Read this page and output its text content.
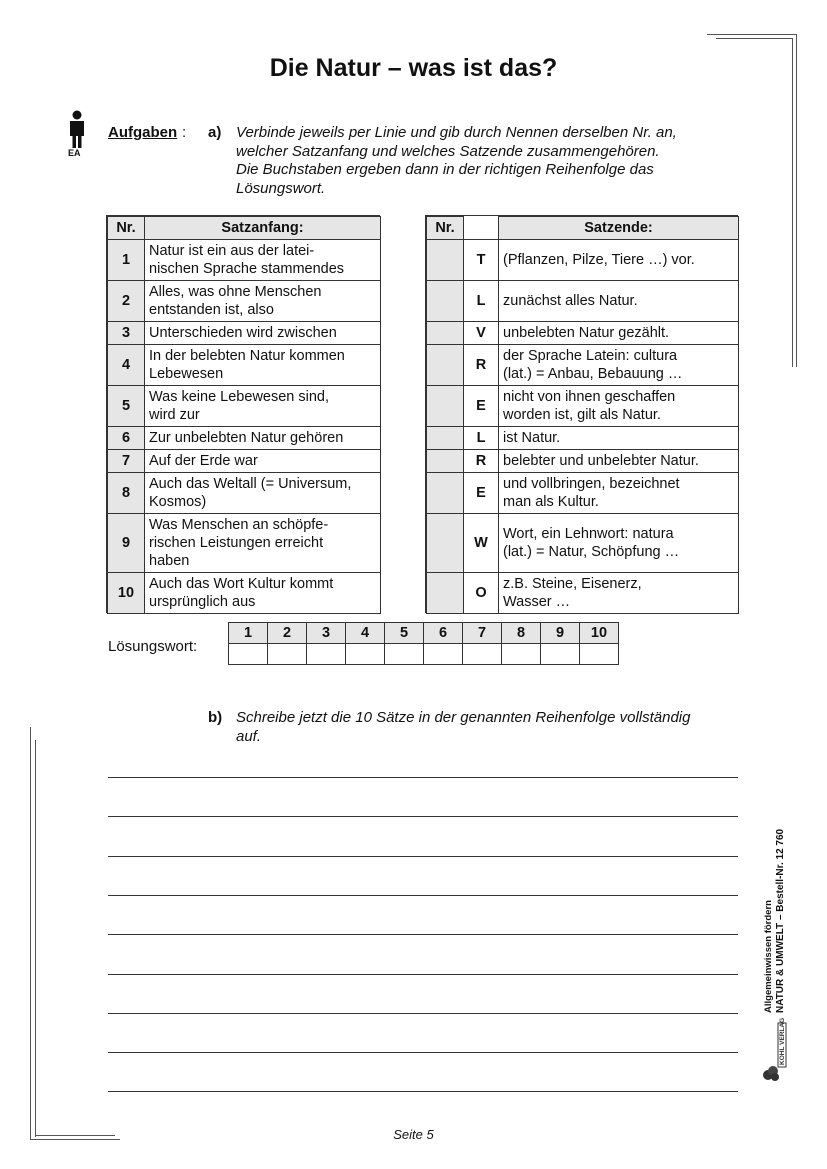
Die Natur – was ist das?
EA
Aufgaben : a) Verbinde jeweils per Linie und gib durch Nennen derselben Nr. an,
welcher Satzanfang und welches Satzende zusammengehören.
Die Buchstaben ergeben dann in der richtigen Reihenfolge das
Lösungswort.
Nr.	Satzanfang:
1	Natur ist ein aus der latei-
nischen Sprache stammendes

2	Alles, was ohne Menschen
entstanden ist, also

3	Unterschieden wird zwischen

4	In der belebten Natur kommen
Lebewesen

5	Was keine Lebewesen sind,
wird zur

6	Zur unbelebten Natur gehören

7	Auf der Erde war

8	Auch das Weltall (= Universum,
Kosmos)

9	Was Menschen an schöpfe-
rischen Leistungen erreicht
haben

10	Auch das Wort Kultur kommt
ursprünglich aus
Nr.		Satzende:
	T	(Pflanzen, Pilze, Tiere …) vor.

	L	zunächst alles Natur.

	V	unbelebten Natur gezählt.

	R	der Sprache Latein: cultura
(lat.) = Anbau, Bebauung …

	E	nicht von ihnen geschaffen
worden ist, gilt als Natur.

	L	ist Natur.

	R	belebter und unbelebter Natur.

	E	und vollbringen, bezeichnet
man als Kultur.

	W	Wort, ein Lehnwort: natura
(lat.) = Natur, Schöpfung …

	O	z.B. Steine, Eisenerz,
Wasser …
Lösungswort:
1	2	3	4	5	6	7	8	9	10

b) Schreibe jetzt die 10 Sätze in der genannten Reihenfolge vollständig
auf.
Seite 5
Allgemeinwissen fördern NATUR & UMWELT – Bestell-Nr. 12 760
KOHL VERLAG
